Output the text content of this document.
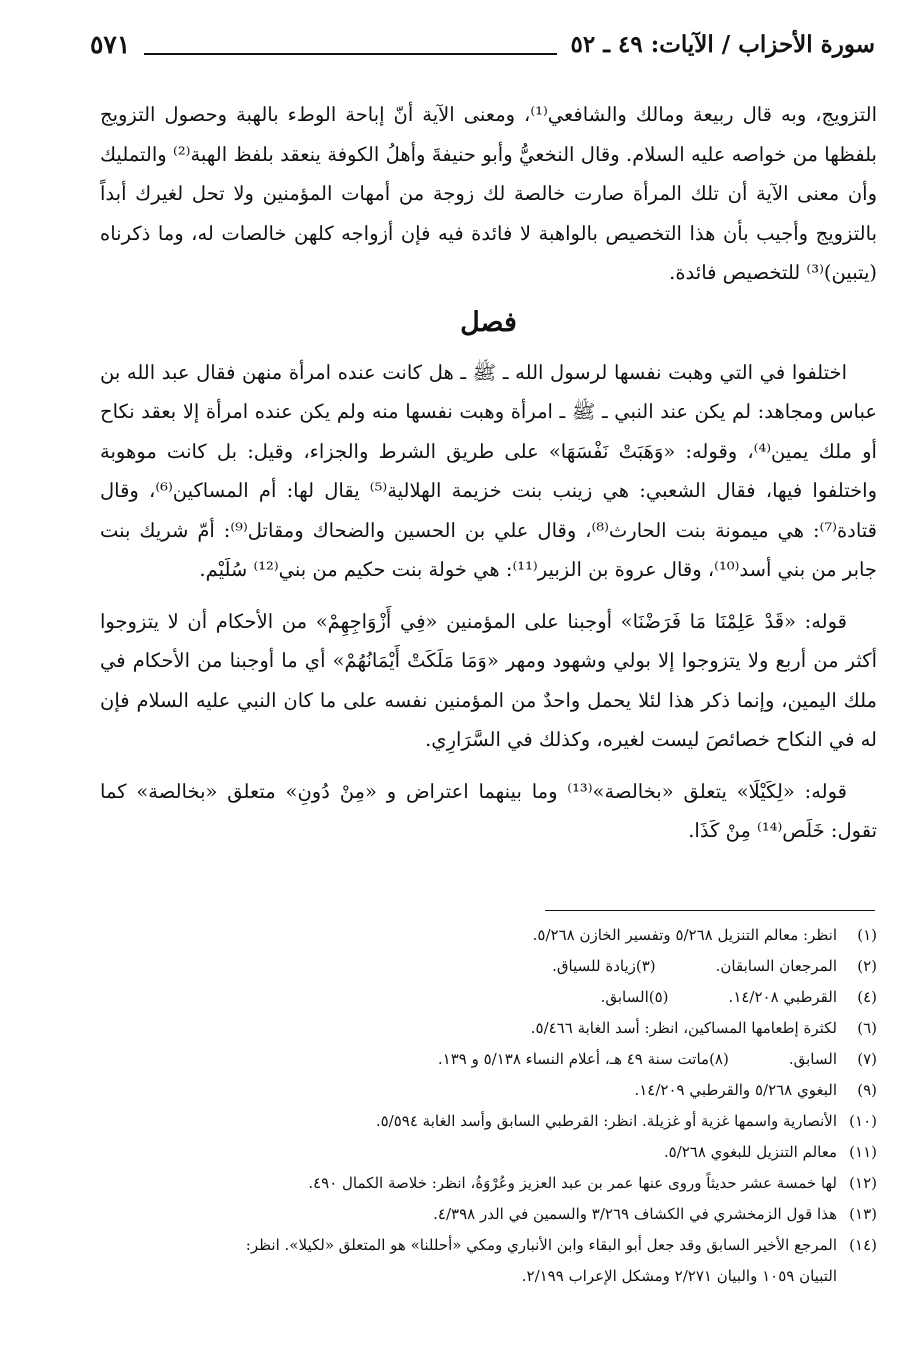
سورة الأحزاب / الآيات: ٤٩ ـ ٥٢
٥٧١

التزويج، وبه قال ربيعة ومالك والشافعي⁽¹⁾، ومعنى الآية أنّ إباحة الوطء بالهبة وحصول التزويج بلفظها من خواصه عليه السلام. وقال النخعيُّ وأبو حنيفةَ وأهلُ الكوفة ينعقد بلفظ الهبة⁽²⁾ والتمليك وأن معنى الآية أن تلك المرأة صارت خالصة لك زوجة من أمهات المؤمنين ولا تحل لغيرك أبداً بالتزويج وأجيب بأن هذا التخصيص بالواهبة لا فائدة فيه فإن أزواجه كلهن خالصات له، وما ذكرناه (يتبين)⁽³⁾ للتخصيص فائدة.

فصل

اختلفوا في التي وهبت نفسها لرسول الله ـ ﷺ ـ هل كانت عنده امرأة منهن فقال عبد الله بن عباس ومجاهد: لم يكن عند النبي ـ ﷺ ـ امرأة وهبت نفسها منه ولم يكن عنده امرأة إلا بعقد نكاح أو ملك يمين⁽⁴⁾، وقوله: «وَهَبَتْ نَفْسَهَا» على طريق الشرط والجزاء، وقيل: بل كانت موهوبة واختلفوا فيها، فقال الشعبي: هي زينب بنت خزيمة الهلالية⁽⁵⁾ يقال لها: أم المساكين⁽⁶⁾، وقال قتادة⁽⁷⁾: هي ميمونة بنت الحارث⁽⁸⁾، وقال علي بن الحسين والضحاك ومقاتل⁽⁹⁾: أمّ شريك بنت جابر من بني أسد⁽¹⁰⁾، وقال عروة بن الزبير⁽¹¹⁾: هي خولة بنت حكيم من بني⁽¹²⁾ سُلَيْم.

قوله: «قَدْ عَلِمْنَا مَا فَرَضْنَا» أوجبنا على المؤمنين «فِي أَزْوَاجِهِمْ» من الأحكام أن لا يتزوجوا أكثر من أربع ولا يتزوجوا إلا بولي وشهود ومهر «وَمَا مَلَكَتْ أَيْمَانُهُمْ» أي ما أوجبنا من الأحكام في ملك اليمين، وإنما ذكر هذا لئلا يحمل واحدٌ من المؤمنين نفسه على ما كان النبي عليه السلام فإن له في النكاح خصائصَ ليست لغيره، وكذلك في السَّرَارِي.

قوله: «لِكَيْلَا» يتعلق «بخالصة»⁽¹³⁾ وما بينهما اعتراض و «مِنْ دُونِ» متعلق «بخالصة» كما تقول: خَلَص⁽¹⁴⁾ مِنْ كَذَا.

(١)
انظر: معالم التنزيل ٥/٢٦٨ وتفسير الخازن ٥/٢٦٨.
(٢)
المرجعان السابقان.
(٣)
زيادة للسياق.
(٤)
القرطبي ١٤/٢٠٨.
(٥)
السابق.
(٦)
لكثرة إطعامها المساكين، انظر: أسد الغابة ٥/٤٦٦.
(٧)
السابق.
(٨)
ماتت سنة ٤٩ هـ، أعلام النساء ٥/١٣٨ و ١٣٩.
(٩)
البغوي ٥/٢٦٨ والقرطبي ١٤/٢٠٩.
(١٠)
الأنصارية واسمها غزية أو غزيلة. انظر: القرطبي السابق وأسد الغابة ٥/٥٩٤.
(١١)
معالم التنزيل للبغوي ٥/٢٦٨.
(١٢)
لها خمسة عشر حديثاً وروى عنها عمر بن عبد العزيز وعُرْوَةُ، انظر: خلاصة الكمال ٤٩٠.
(١٣)
هذا قول الزمخشري في الكشاف ٣/٢٦٩ والسمين في الدر ٤/٣٩٨.
(١٤)
المرجع الأخير السابق وقد جعل أبو البقاء وابن الأنباري ومكي «أحللنا» هو المتعلق «لكيلا». انظر:
التبيان ١٠٥٩ والبيان ٢/٢٧١ ومشكل الإعراب ٢/١٩٩.
